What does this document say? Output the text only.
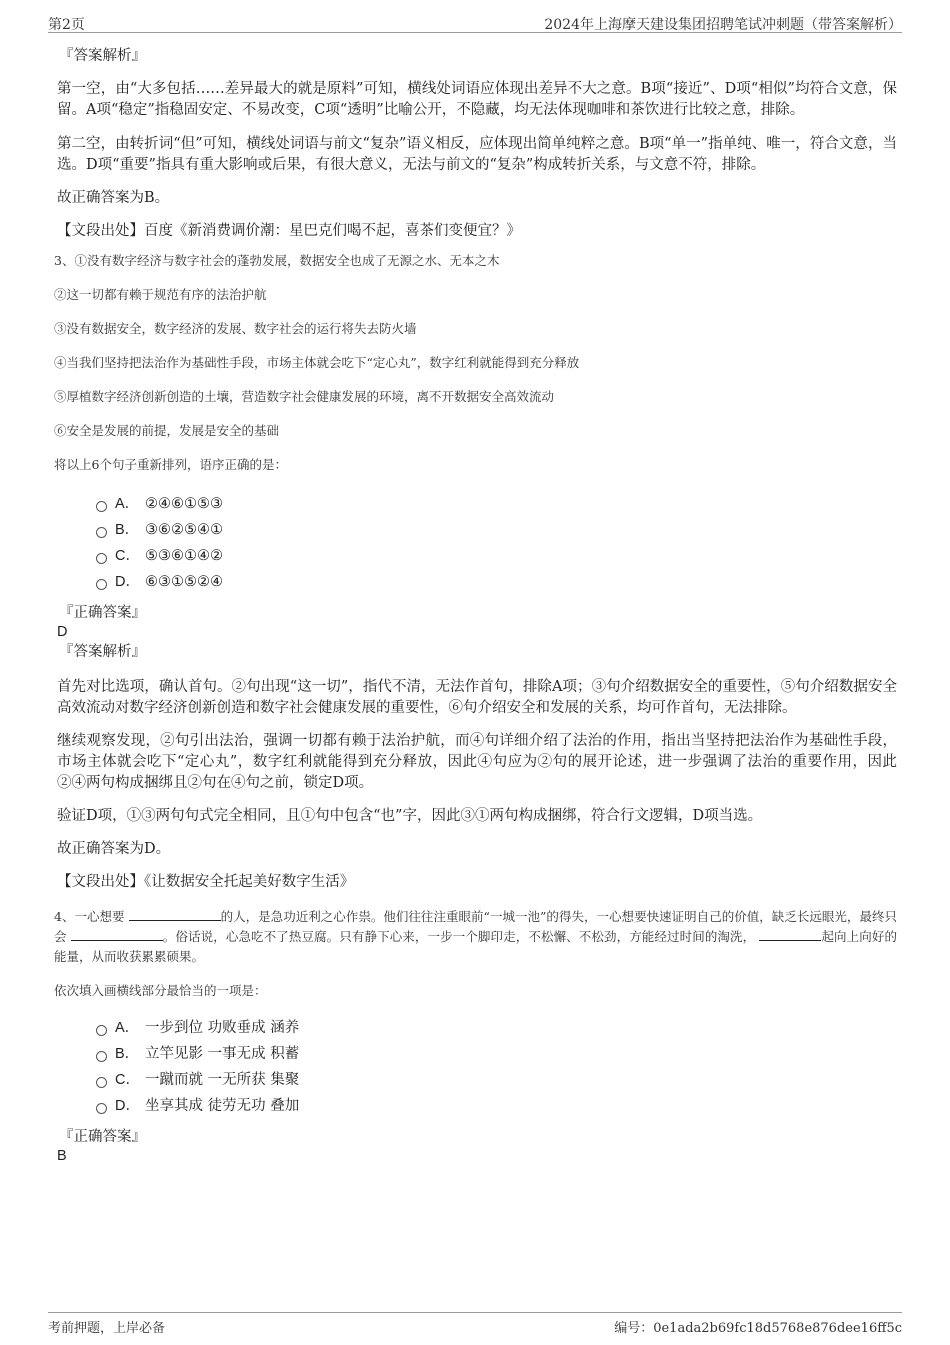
第2页	2024年上海摩天建设集团招聘笔试冲刺题（带答案解析）

『答案解析』

第一空，由“大多包括……差异最大的就是原料”可知，横线处词语应体现出差异不大之意。B项“接近”、D项“相似”均符合文意，保留。A项“稳定”指稳固安定、不易改变，C项“透明”比喻公开，不隐藏，均无法体现咖啡和茶饮进行比较之意，排除。

第二空，由转折词“但”可知，横线处词语与前文“复杂”语义相反，应体现出简单纯粹之意。B项“单一”指单纯、唯一，符合文意，当选。D项“重要”指具有重大影响或后果，有很大意义，无法与前文的“复杂”构成转折关系，与文意不符，排除。

故正确答案为B。

【文段出处】百度《新消费调价潮：星巴克们喝不起，喜茶们变便宜？》

3、①没有数字经济与数字社会的蓬勃发展，数据安全也成了无源之水、无本之木

②这一切都有赖于规范有序的法治护航

③没有数据安全，数字经济的发展、数字社会的运行将失去防火墙

④当我们坚持把法治作为基础性手段，市场主体就会吃下“定心丸”，数字红利就能得到充分释放

⑤厚植数字经济创新创造的土壤，营造数字社会健康发展的环境，离不开数据安全高效流动

⑥安全是发展的前提，发展是安全的基础

将以上6个句子重新排列，语序正确的是：

A． ②④⑥①⑤③
B． ③⑥②⑤④①
C． ⑤③⑥①④②
D． ⑥③①⑤②④

『正确答案』

D

『答案解析』

首先对比选项，确认首句。②句出现“这一切”，指代不清，无法作首句，排除A项；③句介绍数据安全的重要性，⑤句介绍数据安全高效流动对数字经济创新创造和数字社会健康发展的重要性，⑥句介绍安全和发展的关系，均可作首句，无法排除。

继续观察发现，②句引出法治，强调一切都有赖于法治护航，而④句详细介绍了法治的作用，指出当坚持把法治作为基础性手段，市场主体就会吃下“定心丸”，数字红利就能得到充分释放，因此④句应为②句的展开论述，进一步强调了法治的重要作用，因此②④两句构成捆绑且②句在④句之前，锁定D项。

验证D项，①③两句句式完全相同，且①句中包含“也”字，因此③①两句构成捆绑，符合行文逻辑，D项当选。

故正确答案为D。

【文段出处】《让数据安全托起美好数字生活》

4、一心想要	的人，是急功近利之心作祟。他们往往注重眼前“一城一池”的得失，一心想要快速证明自己的价值，缺乏长远眼光，最终只会	。俗话说，心急吃不了热豆腐。只有静下心来，一步一个脚印走，不松懈、不松劲，方能经过时间的淘洗，	起向上向好的能量，从而收获累累硕果。

依次填入画横线部分最恰当的一项是：

A． 一步到位 功败垂成 涵养
B． 立竿见影 一事无成 积蓄
C． 一蹴而就 一无所获 集聚
D． 坐享其成 徒劳无功 叠加

『正确答案』

B

考前押题，上岸必备	编号：0e1ada2b69fc18d5768e876dee16ff5c
